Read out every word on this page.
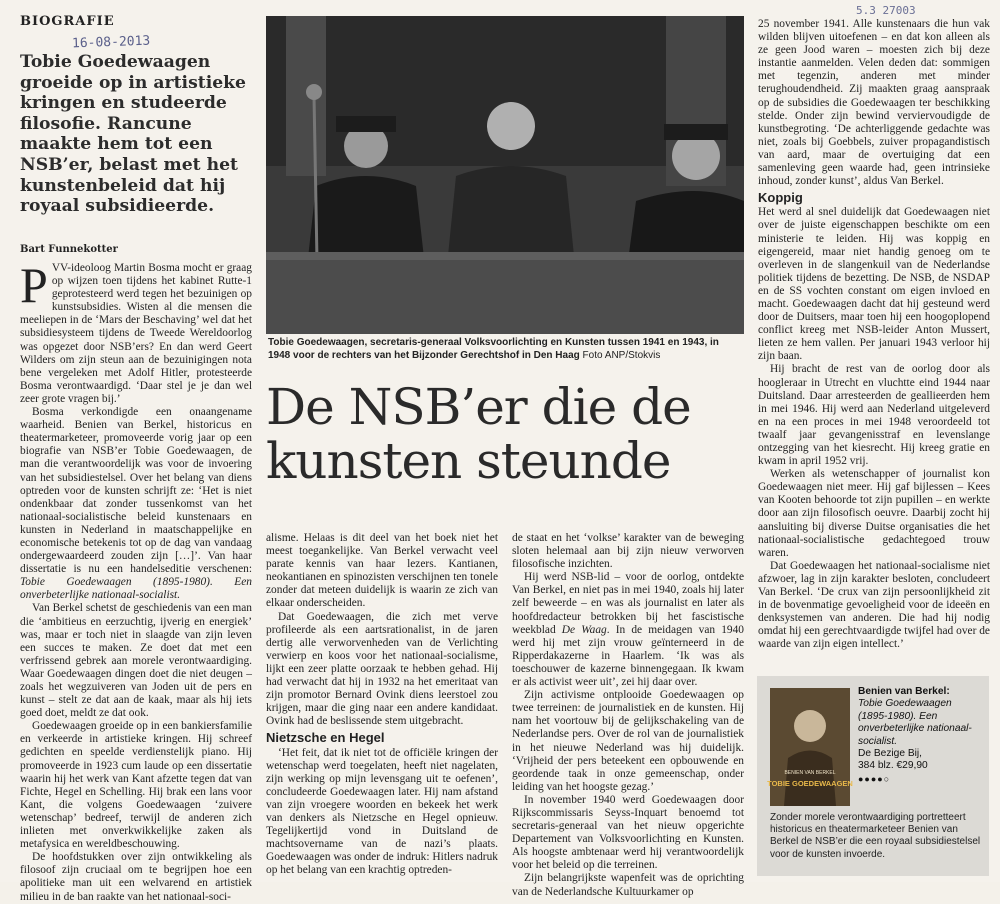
BIOGRAFIE
16-08-2013
5.3 27003
Tobie Goedewaagen groeide op in artistieke kringen en studeerde filosofie. Rancune maakte hem tot een NSB’er, belast met het kunstenbeleid dat hij royaal subsidieerde.
Bart Funnekotter

PVV-ideoloog Martin Bosma mocht er graag op wijzen toen tijdens het kabinet Rutte-1 geprotesteerd werd tegen het bezuinigen op kunstsubsidies. Wisten al die mensen die meeliepen in de ‘Mars der Beschaving’ wel dat het subsidiesysteem tijdens de Tweede Wereldoorlog was opgezet door NSB’ers? En dan werd Geert Wilders om zijn steun aan de bezuinigingen nota bene vergeleken met Adolf Hitler, protesteerde Bosma verontwaardigd. ‘Daar stel je je dan wel zeer grote vragen bij.’

Bosma verkondigde een onaangename waarheid. Benien van Berkel, historicus en theatermarketeer, promoveerde vorig jaar op een biografie van NSB’er Tobie Goedewaagen, de man die verantwoordelijk was voor de invoering van het subsidiestelsel. Over het belang van diens optreden voor de kunsten schrijft ze: ‘Het is niet ondenkbaar dat zonder tussenkomst van het nationaal-socialistische beleid kunstenaars en kunsten in Nederland in maatschappelijke en economische betekenis tot op de dag van vandaag ondergewaardeerd zouden zijn […]’. Van haar dissertatie is nu een handelseditie verschenen: Tobie Goedewaagen (1895-1980). Een onverbeterlijke nationaal-socialist.

Van Berkel schetst de geschiedenis van een man die ‘ambitieus en eerzuchtig, ijverig en energiek’ was, maar er toch niet in slaagde van zijn leven een succes te maken. Ze doet dat met een verfrissend gebrek aan morele verontwaardiging. Waar Goedewaagen dingen doet die niet deugen – zoals het wegzuiveren van Joden uit de pers en kunst – stelt ze dat aan de kaak, maar als hij iets goed doet, meldt ze dat ook.

Goedewaagen groeide op in een bankiersfamilie en verkeerde in artistieke kringen. Hij schreef gedichten en speelde verdienstelijk piano. Hij promoveerde in 1923 cum laude op een dissertatie waarin hij het werk van Kant afzette tegen dat van Fichte, Hegel en Schelling. Hij brak een lans voor Kant, die volgens Goedewaagen ‘zuivere wetenschap’ bedreef, terwijl de anderen zich inlieten met onverkwikkelijke zaken als metafysica en wereldbeschouwing.

De hoofdstukken over zijn ontwikkeling als filosoof zijn cruciaal om te begrijpen hoe een apolitieke man uit een welvarend en artistiek milieu in de ban raakte van het nationaal-soci-

Tobie Goedewaagen, secretaris-generaal Volksvoorlichting en Kunsten tussen 1941 en 1943, in 1948 voor de rechters van het Bijzonder Gerechtshof in Den Haag Foto ANP/Stokvis
De NSB’er die de kunsten steunde

alisme. Helaas is dit deel van het boek niet het meest toegankelijke. Van Berkel verwacht veel parate kennis van haar lezers. Kantianen, neokantianen en spinozisten verschijnen ten tonele zonder dat meteen duidelijk is waarin ze zich van elkaar onderscheiden.

Dat Goedewaagen, die zich met verve profileerde als een aartsrationalist, in de jaren dertig alle verworvenheden van de Verlichting verwierp en koos voor het nationaal-socialisme, lijkt een zeer platte oorzaak te hebben gehad. Hij had verwacht dat hij in 1932 na het emeritaat van zijn promotor Bernard Ovink diens leerstoel zou krijgen, maar die ging naar een andere kandidaat. Ovink had de beslissende stem uitgebracht.

Nietzsche en Hegel

‘Het feit, dat ik niet tot de officiële kringen der wetenschap werd toegelaten, heeft niet nagelaten, zijn werking op mijn levensgang uit te oefenen’, concludeerde Goedewaagen later. Hij nam afstand van zijn vroegere woorden en bekeek het werk van denkers als Nietzsche en Hegel opnieuw. Tegelijkertijd vond in Duitsland de machtsovername van de nazi’s plaats. Goedewaagen was onder de indruk: Hitlers nadruk op het belang van een krachtig optreden-

de staat en het ‘volkse’ karakter van de beweging sloten helemaal aan bij zijn nieuw verworven filosofische inzichten.

Hij werd NSB-lid – voor de oorlog, ontdekte Van Berkel, en niet pas in mei 1940, zoals hij later zelf beweerde – en was als journalist en later als hoofdredacteur betrokken bij het fascistische weekblad De Waag. In de meidagen van 1940 werd hij met zijn vrouw geïnterneerd in de Ripperdakazerne in Haarlem. ‘Ik was als toeschouwer de kazerne binnengegaan. Ik kwam er als activist weer uit’, zei hij daar over.

Zijn activisme ontplooide Goedewaagen op twee terreinen: de journalistiek en de kunsten. Hij nam het voortouw bij de gelijkschakeling van de Nederlandse pers. Over de rol van de journalistiek in het nieuwe Nederland was hij duidelijk. ‘Vrijheid der pers beteekent een opbouwende en geordende taak in onze gemeenschap, onder leiding van het hoogste gezag.’

In november 1940 werd Goedewaagen door Rijkscommissaris Seyss-Inquart benoemd tot secretaris-generaal van het nieuw opgerichte Departement van Volksvoorlichting en Kunsten. Als hoogste ambtenaar werd hij verantwoordelijk voor het beleid op die terreinen.

Zijn belangrijkste wapenfeit was de oprichting van de Nederlandsche Kultuurkamer op

25 november 1941. Alle kunstenaars die hun vak wilden blijven uitoefenen – en dat kon alleen als ze geen Jood waren – moesten zich bij deze instantie aanmelden. Velen deden dat: sommigen met tegenzin, anderen met minder terughoudendheid. Zij maakten graag aanspraak op de subsidies die Goedewaagen ter beschikking stelde. Onder zijn bewind verviervoudigde de kunstbegroting. ‘De achterliggende gedachte was niet, zoals bij Goebbels, zuiver propagandistisch van aard, maar de overtuiging dat een samenleving geen waarde had, geen intrinsieke inhoud, zonder kunst’, aldus Van Berkel.

Koppig

Het werd al snel duidelijk dat Goedewaagen niet over de juiste eigenschappen beschikte om een ministerie te leiden. Hij was koppig en eigengereid, maar niet handig genoeg om te overleven in de slangenkuil van de Nederlandse politiek tijdens de bezetting. De NSB, de NSDAP en de SS vochten constant om eigen invloed en macht. Goedewaagen dacht dat hij gesteund werd door de Duitsers, maar toen hij een hoogoplopend conflict kreeg met NSB-leider Anton Mussert, lieten ze hem vallen. Per januari 1943 verloor hij zijn baan.

Hij bracht de rest van de oorlog door als hoogleraar in Utrecht en vluchtte eind 1944 naar Duitsland. Daar arresteerden de geallieerden hem in mei 1946. Hij werd aan Nederland uitgeleverd en na een proces in mei 1948 veroordeeld tot twaalf jaar gevangenisstraf en levenslange ontzegging van het kiesrecht. Hij kreeg gratie en kwam in april 1952 vrij.

Werken als wetenschapper of journalist kon Goedewaagen niet meer. Hij gaf bijlessen – Kees van Kooten behoorde tot zijn pupillen – en werkte door aan zijn filosofisch oeuvre. Daarbij zocht hij aansluiting bij diverse Duitse organisaties die het nationaal-socialistische gedachtegoed trouw waren.

Dat Goedewaagen het nationaal-socialisme niet afzwoer, lag in zijn karakter besloten, concludeert Van Berkel. ‘De crux van zijn persoonlijkheid zit in de bovenmatige gevoeligheid voor de ideeën en denksystemen van anderen. Die had hij nodig omdat hij een gerechtvaardigde twijfel had over de waarde van zijn eigen intellect.’

BENIEN VAN BERKEL
TOBIE GOEDEWAAGEN
Benien van Berkel:
Tobie Goedewaagen (1895-1980). Een onverbeterlijke nationaal-socialist.
De Bezige Bij,
384 blz. €29,90
●●●●○
Zonder morele verontwaardiging portretteert historicus en theatermarketeer Benien van Berkel de NSB’er die een royaal subsidiestelsel voor de kunsten invoerde.
